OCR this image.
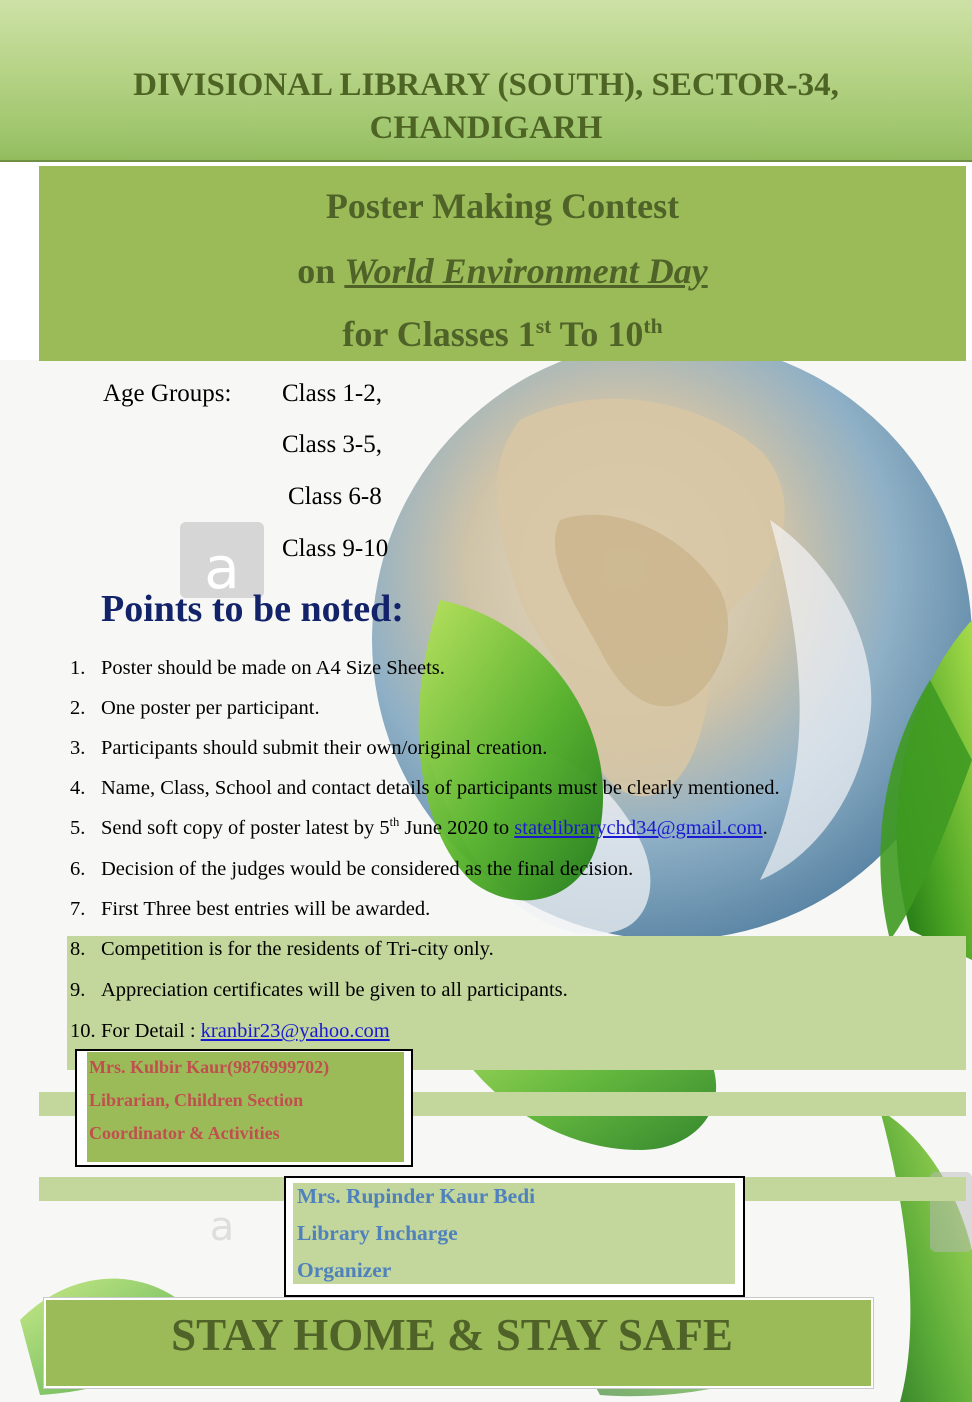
a
a
DIVISIONAL LIBRARY (SOUTH), SECTOR-34,
CHANDIGARH
Poster Making Contest
on World Environment Day
for Classes 1st To 10th
Age Groups: Class 1-2,
Class 3-5,
Class 6-8
Class 9-10
Points to be noted:
1. Poster should be made on A4 Size Sheets.
2. One poster per participant.
3. Participants should submit their own/original creation.
4. Name, Class, School and contact details of participants must be clearly mentioned.
5. Send soft copy of poster latest by 5th June 2020 to statelibrarychd34@gmail.com.
6. Decision of the judges would be considered as the final decision.
7. First Three best entries will be awarded.
8. Competition is for the residents of Tri-city only.
9. Appreciation certificates will be given to all participants.
10. For Detail : kranbir23@yahoo.com
Mrs. Kulbir Kaur(9876999702)
Librarian, Children Section
Coordinator & Activities
Mrs. Rupinder Kaur Bedi
Library Incharge
Organizer
STAY HOME & STAY SAFE
